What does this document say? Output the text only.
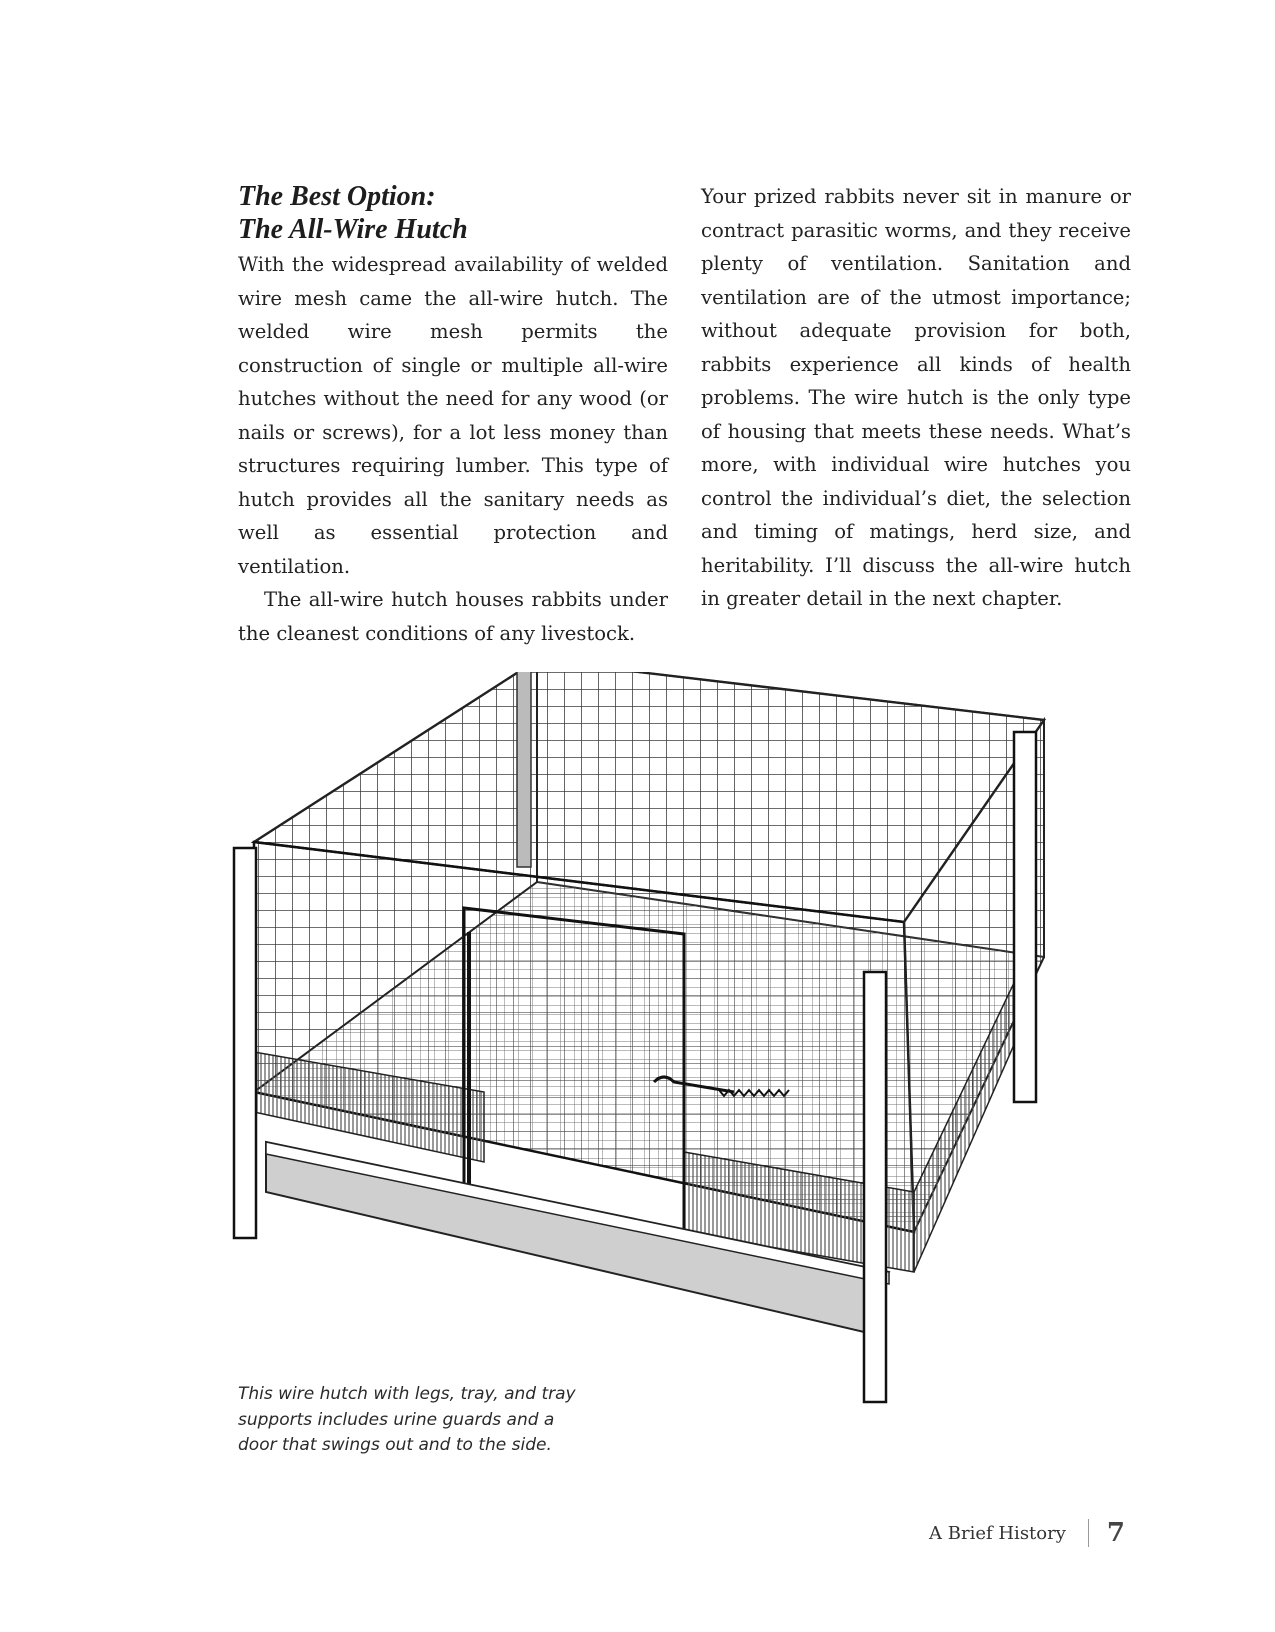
The Best Option:
The All-Wire Hutch

With the widespread availability of welded wire mesh came the all-wire hutch. The welded wire mesh permits the construction of single or multiple all-wire hutches without the need for any wood (or nails or screws), for a lot less money than structures requiring lumber. This type of hutch provides all the sanitary needs as well as essential protection and ventilation.

The all-wire hutch houses rabbits under the cleanest conditions of any livestock.

Your prized rabbits never sit in manure or contract parasitic worms, and they receive plenty of ventilation. Sanitation and ventilation are of the utmost importance; without adequate provision for both, rabbits experience all kinds of health problems. The wire hutch is the only type of housing that meets these needs. What’s more, with individual wire hutches you control the individual’s diet, the selection and timing of matings, herd size, and heritability. I’ll discuss the all-wire hutch in greater detail in the next chapter.

This wire hutch with legs, tray, and tray supports includes urine guards and a door that swings out and to the side.
A Brief History 7
